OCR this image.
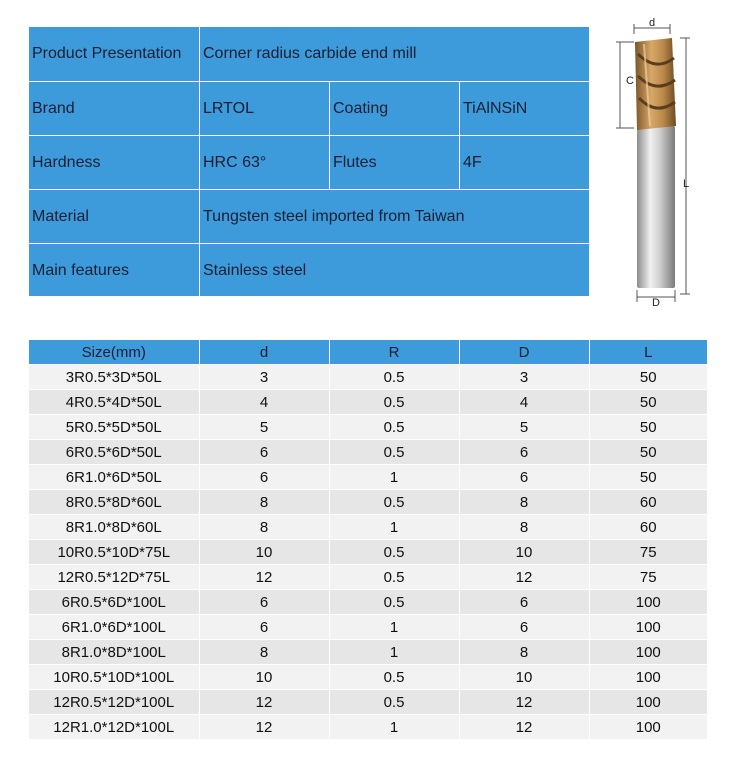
Product Presentation	Corner radius carbide end mill
Brand	LRTOL	Coating	TiAlNSiN
Hardness	HRC 63°	Flutes	4F
Material	Tungsten steel imported from Taiwan
Main features	Stainless steel
d
C
L
D
Size(mm)	d	R	D	L
3R0.5*3D*50L	3	0.5	3	50
4R0.5*4D*50L	4	0.5	4	50
5R0.5*5D*50L	5	0.5	5	50
6R0.5*6D*50L	6	0.5	6	50
6R1.0*6D*50L	6	1	6	50
8R0.5*8D*60L	8	0.5	8	60
8R1.0*8D*60L	8	1	8	60
10R0.5*10D*75L	10	0.5	10	75
12R0.5*12D*75L	12	0.5	12	75
6R0.5*6D*100L	6	0.5	6	100
6R1.0*6D*100L	6	1	6	100
8R1.0*8D*100L	8	1	8	100
10R0.5*10D*100L	10	0.5	10	100
12R0.5*12D*100L	12	0.5	12	100
12R1.0*12D*100L	12	1	12	100
